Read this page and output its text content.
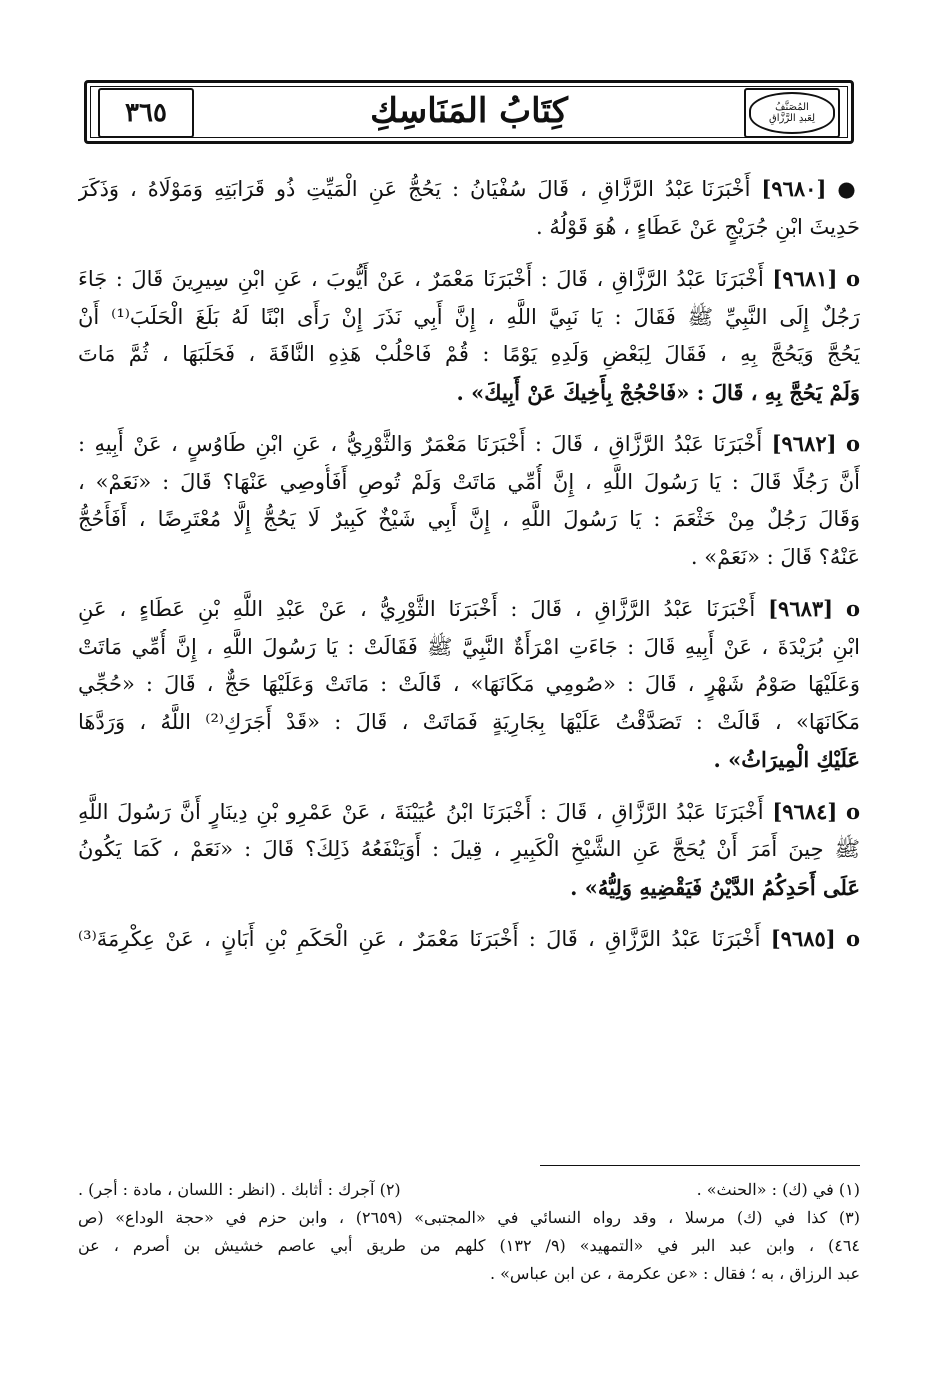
٣٦٥	كِتَابُ المَنَاسِكِ	المُصَنَّفُ
لِعَبدِ الرَّزَّاقِ
● [٩٦٨٠] أَخْبَرَنَا عَبْدُ الرَّزَّاقِ ، قَالَ سُفْيَانُ : يَحُجُّ عَنِ الْمَيِّتِ ذُو قَرَابَتِهِ وَمَوْلَاهُ ، وَذَكَرَ
حَدِيثَ ابْنِ جُرَيْجٍ عَنْ عَطَاءٍ ، هُوَ قَوْلُهُ .
ο [٩٦٨١] أَخْبَرَنَا عَبْدُ الرَّزَّاقِ ، قَالَ : أَخْبَرَنَا مَعْمَرٌ ، عَنْ أَيُّوبَ ، عَنِ ابْنِ سِيرِينَ قَالَ : جَاءَ
رَجُلٌ إِلَى النَّبِيِّ ﷺ فَقَالَ : يَا نَبِيَّ اللَّهِ ، إِنَّ أَبِي نَذَرَ إِنْ رَأَى ابْنًا لَهُ بَلَغَ الْحَلَبَ⁽¹⁾ أَنْ
يَحُجَّ وَيَحُجَّ بِهِ ، فَقَالَ لِبَعْضِ وَلَدِهِ يَوْمًا : قُمْ فَاحْلُبْ هَذِهِ النَّاقَةَ ، فَحَلَبَهَا ، ثُمَّ مَاتَ
وَلَمْ يَحُجَّ بِهِ ، قَالَ : «فَاحْجُجْ بِأَخِيكَ عَنْ أَبِيكَ» .
ο [٩٦٨٢] أَخْبَرَنَا عَبْدُ الرَّزَّاقِ ، قَالَ : أَخْبَرَنَا مَعْمَرٌ وَالثَّوْرِيُّ ، عَنِ ابْنِ طَاوُسٍ ، عَنْ أَبِيهِ :
أَنَّ رَجُلًا قَالَ : يَا رَسُولَ اللَّهِ ، إِنَّ أُمِّي مَاتَتْ وَلَمْ تُوصِ أَفَأُوصِي عَنْهَا؟ قَالَ : «نَعَمْ» ،
وَقَالَ رَجُلٌ مِنْ خَثْعَمَ : يَا رَسُولَ اللَّهِ ، إِنَّ أَبِي شَيْخٌ كَبِيرٌ لَا يَحُجُّ إِلَّا مُعْتَرِضًا ، أَفَأَحُجُّ
عَنْهُ؟ قَالَ : «نَعَمْ» .
ο [٩٦٨٣] أَخْبَرَنَا عَبْدُ الرَّزَّاقِ ، قَالَ : أَخْبَرَنَا الثَّوْرِيُّ ، عَنْ عَبْدِ اللَّهِ بْنِ عَطَاءٍ ، عَنِ
ابْنِ بُرَيْدَةَ ، عَنْ أَبِيهِ قَالَ : جَاءَتِ امْرَأَةٌ النَّبِيَّ ﷺ فَقَالَتْ : يَا رَسُولَ اللَّهِ ، إِنَّ أُمِّي مَاتَتْ
وَعَلَيْهَا صَوْمُ شَهْرٍ ، قَالَ : «صُومِي مَكَانَهَا» ، قَالَتْ : مَاتَتْ وَعَلَيْهَا حَجٌّ ، قَالَ : «حُجِّي
مَكَانَهَا» ، قَالَتْ : تَصَدَّقْتُ عَلَيْهَا بِجَارِيَةٍ فَمَاتَتْ ، قَالَ : «قَدْ أَجَرَكِ⁽²⁾ اللَّهُ ، وَرَدَّهَا
عَلَيْكِ الْمِيرَاثُ» .
ο [٩٦٨٤] أَخْبَرَنَا عَبْدُ الرَّزَّاقِ ، قَالَ : أَخْبَرَنَا ابْنُ عُيَيْنَةَ ، عَنْ عَمْرِو بْنِ دِينَارٍ أَنَّ رَسُولَ اللَّهِ
ﷺ حِينَ أَمَرَ أَنْ يُحَجَّ عَنِ الشَّيْخِ الْكَبِيرِ ، قِيلَ : أَوَيَنْفَعُهُ ذَلِكَ؟ قَالَ : «نَعَمْ ، كَمَا يَكُونُ
عَلَى أَحَدِكُمُ الدَّيْنُ فَيَقْضِيهِ وَلِيُّهُ» .
ο [٩٦٨٥] أَخْبَرَنَا عَبْدُ الرَّزَّاقِ ، قَالَ : أَخْبَرَنَا مَعْمَرٌ ، عَنِ الْحَكَمِ بْنِ أَبَانٍ ، عَنْ عِكْرِمَةَ⁽³⁾
(١) في (ك) : «الحنث» .
(٢) آجرك : أثابك . (انظر : اللسان ، مادة : أجر) .
(٣) كذا في (ك) مرسلا ، وقد رواه النسائي في «المجتبى» (٢٦٥٩) ، وابن حزم في «حجة الوداع» (ص
٤٦٤) ، وابن عبد البر في «التمهيد» (٩/ ١٣٢) كلهم من طريق أبي عاصم خشيش بن أصرم ، عن
عبد الرزاق ، به ؛ فقال : «عن عكرمة ، عن ابن عباس» .
